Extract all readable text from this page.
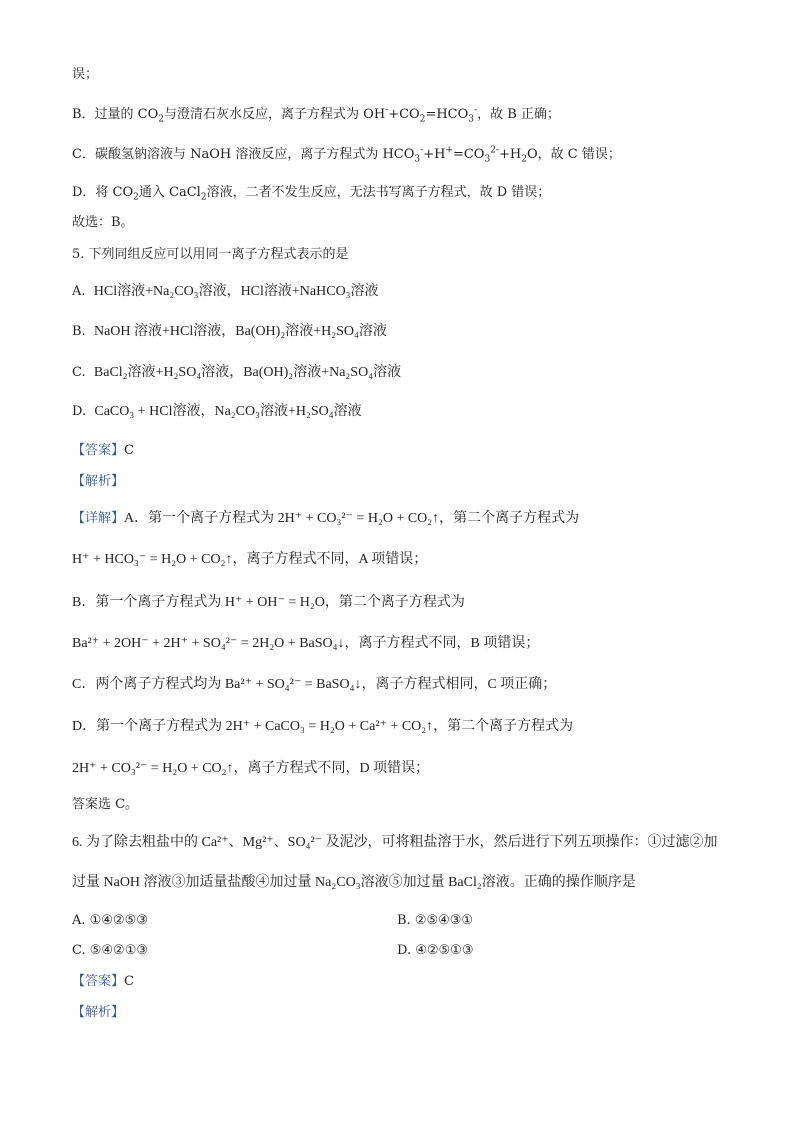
误；
B．过量的 $CO_2$与澄清石灰水反应，离子方程式为 $OH^-+CO_2=HCO_3^-$，故 B 正确；
C．碳酸氢钠溶液与 NaOH 溶液反应，离子方程式为 $HCO_3^-+H^+=CO_3^{2-}+H_2O$，故 C 错误；
D．将 $CO_2$通入 CaCl$_2$溶液，二者不发生反应，无法书写离子方程式，故 D 错误；
故选：B。
5. 下列同组反应可以用同一离子方程式表示的是
A. HCl溶液+Na₂CO₃溶液，HCl溶液+NaHCO₃溶液
B. NaOH 溶液+HCl溶液，Ba(OH)₂溶液+H₂SO₄溶液
C. BaCl₂溶液+H₂SO₄溶液，Ba(OH)₂溶液+Na₂SO₄溶液
D. CaCO₃ + HCl溶液，Na₂CO₃溶液+H₂SO₄溶液
【答案】C
【解析】
【详解】A．第一个离子方程式为 2H⁺ + CO₃²⁻ = H₂O + CO₂↑，第二个离子方程式为
H⁺ + HCO₃⁻ = H₂O + CO₂↑，离子方程式不同，A 项错误；
B．第一个离子方程式为 H⁺ + OH⁻ = H₂O，第二个离子方程式为
Ba²⁺ + 2OH⁻ + 2H⁺ + SO₄²⁻ = 2H₂O + BaSO₄↓，离子方程式不同，B 项错误；
C．两个离子方程式均为 Ba²⁺ + SO₄²⁻ = BaSO₄↓，离子方程式相同，C 项正确；
D．第一个离子方程式为 2H⁺ + CaCO₃ = H₂O + Ca²⁺ + CO₂↑，第二个离子方程式为
2H⁺ + CO₃²⁻ = H₂O + CO₂↑，离子方程式不同，D 项错误；
答案选 C。
6. 为了除去粗盐中的 Ca²⁺、Mg²⁺、SO₄²⁻ 及泥沙，可将粗盐溶于水，然后进行下列五项操作：①过滤②加
过量 NaOH 溶液③加适量盐酸④加过量 Na₂CO₃溶液⑤加过量 BaCl₂溶液。正确的操作顺序是
A. ①④②⑤③	B. ②⑤④③①
C. ⑤④②①③	D. ④②⑤①③
【答案】C
【解析】
